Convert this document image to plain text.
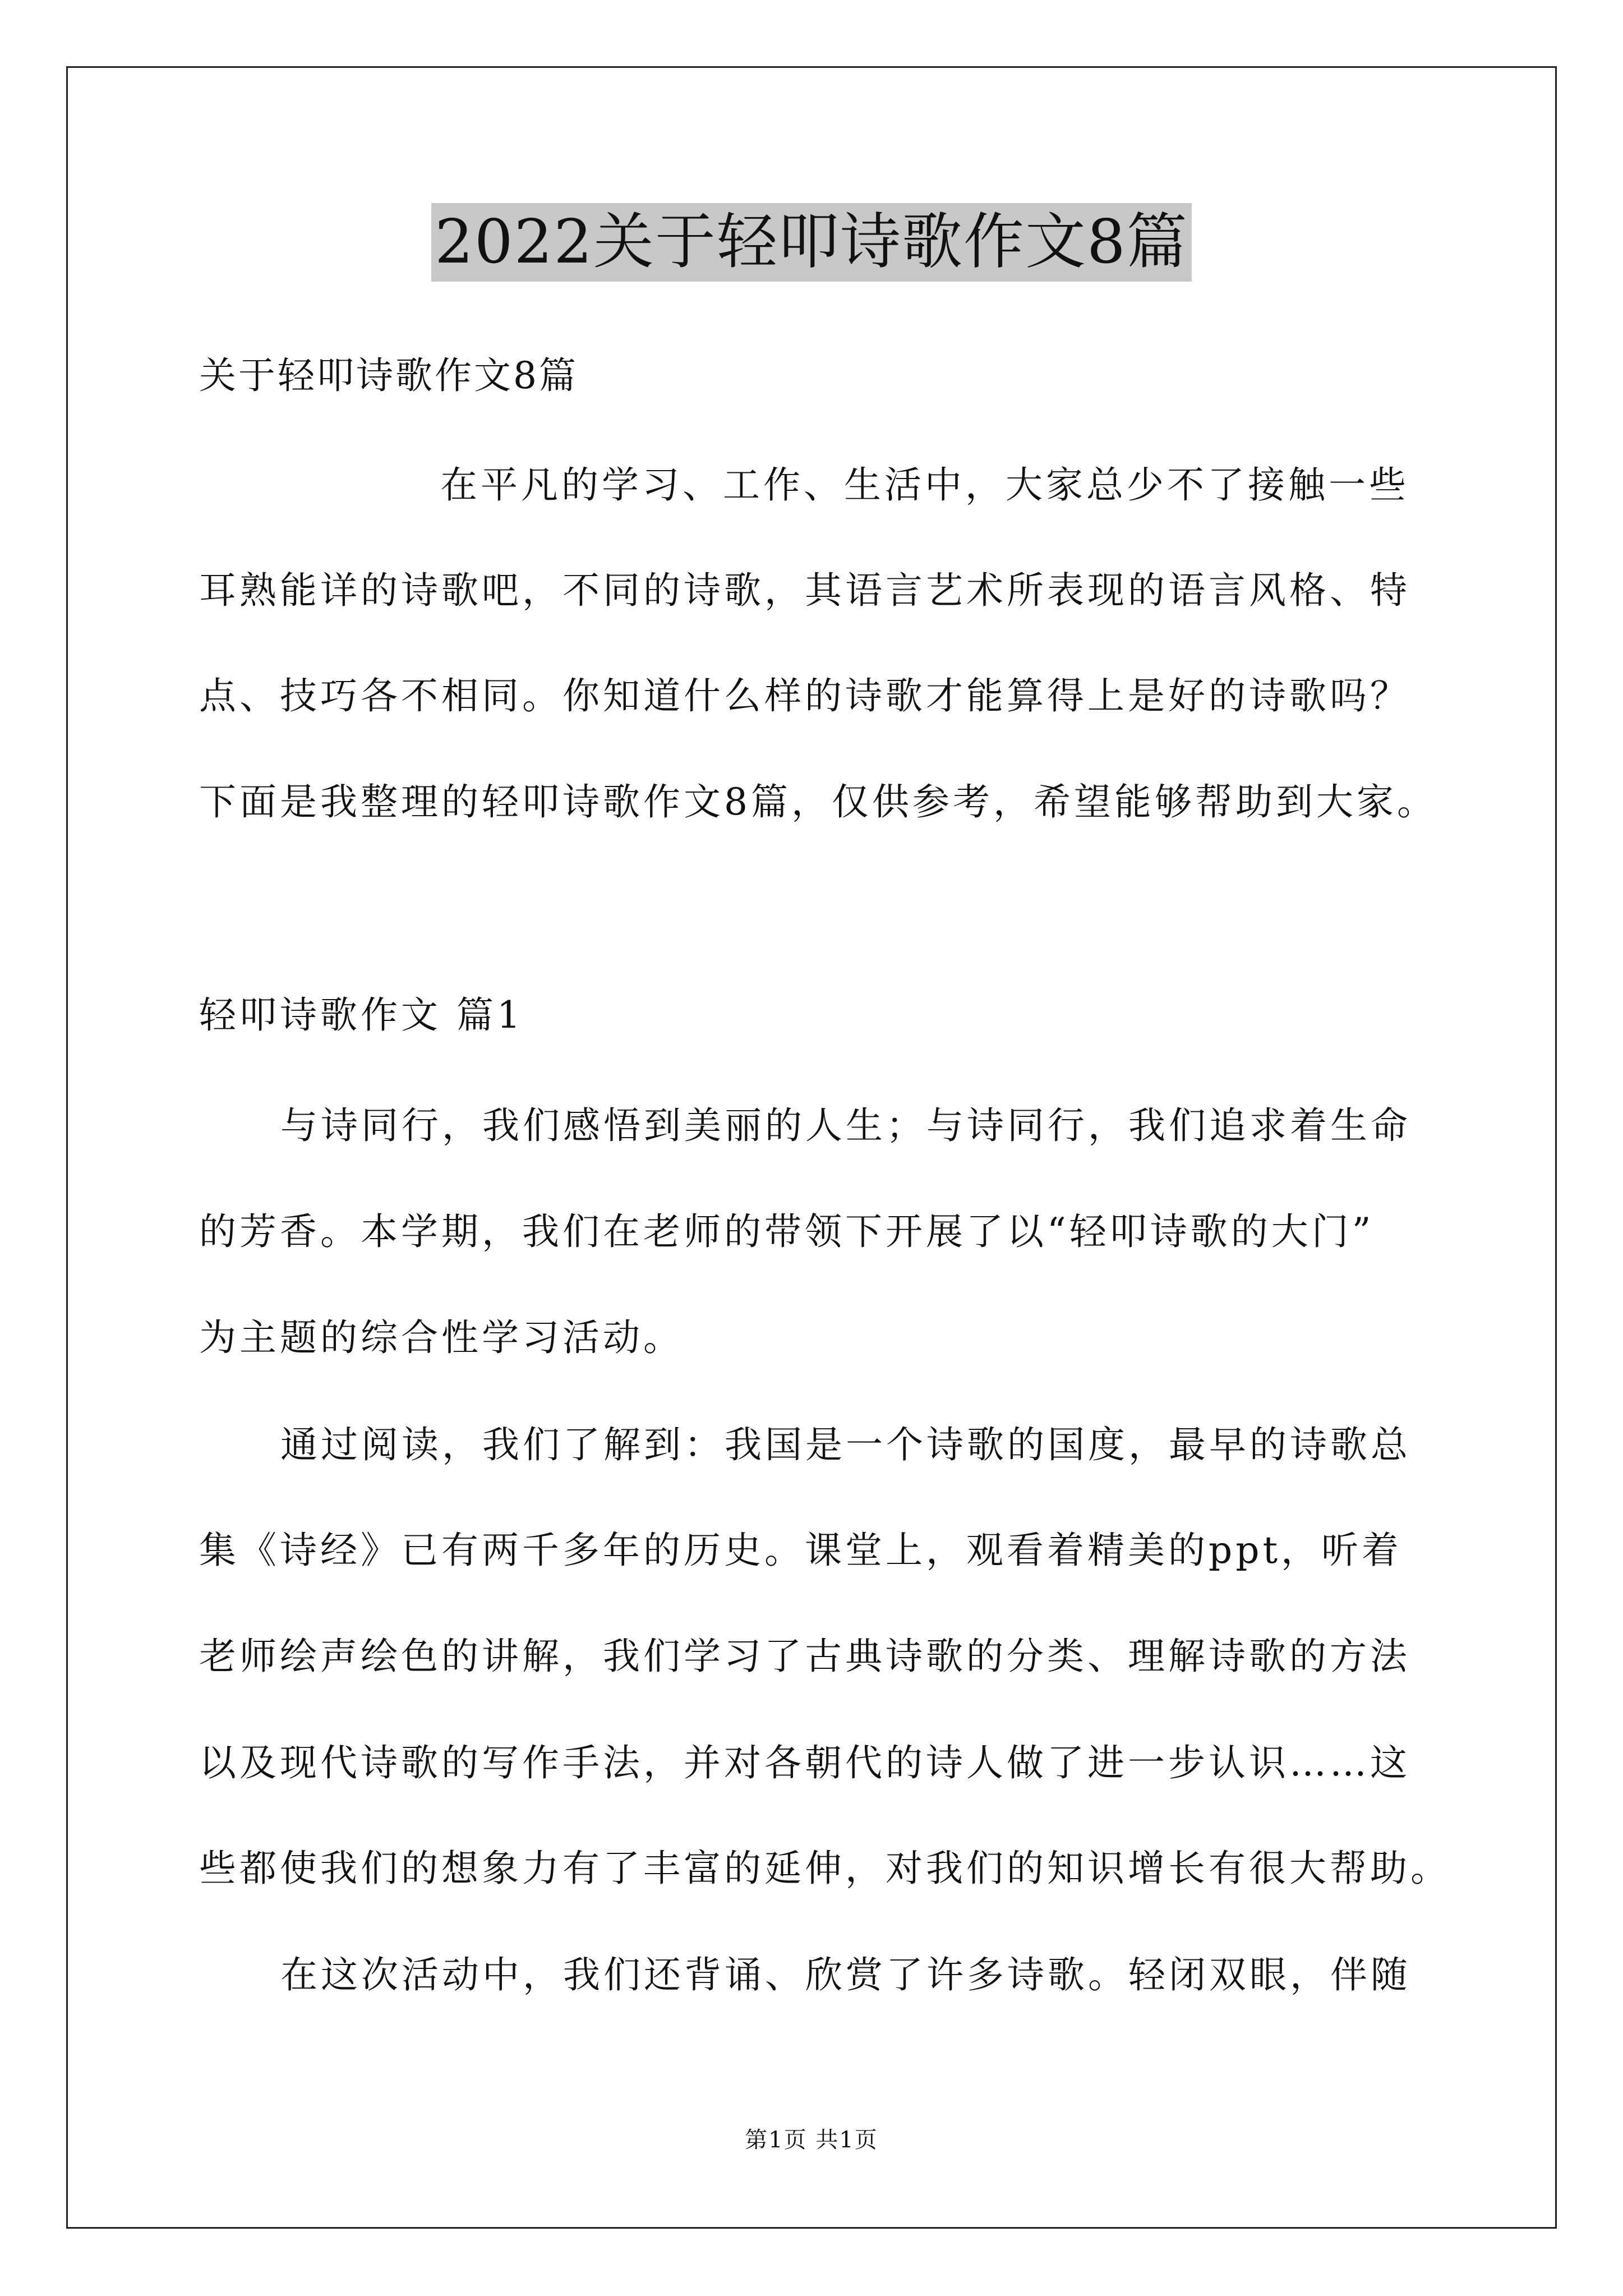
2022关于轻叩诗歌作文8篇
关于轻叩诗歌作文8篇
在平凡的学习、工作、生活中，大家总少不了接触一些
耳熟能详的诗歌吧，不同的诗歌，其语言艺术所表现的语言风格、特
点、技巧各不相同。你知道什么样的诗歌才能算得上是好的诗歌吗？
下面是我整理的轻叩诗歌作文8篇，仅供参考，希望能够帮助到大家。
轻叩诗歌作文 篇1
与诗同行，我们感悟到美丽的人生；与诗同行，我们追求着生命
的芳香。本学期，我们在老师的带领下开展了以“轻叩诗歌的大门”
为主题的综合性学习活动。
通过阅读，我们了解到：我国是一个诗歌的国度，最早的诗歌总
集《诗经》已有两千多年的历史。课堂上，观看着精美的ppt，听着
老师绘声绘色的讲解，我们学习了古典诗歌的分类、理解诗歌的方法
以及现代诗歌的写作手法，并对各朝代的诗人做了进一步认识……这
些都使我们的想象力有了丰富的延伸，对我们的知识增长有很大帮助。
在这次活动中，我们还背诵、欣赏了许多诗歌。轻闭双眼，伴随
第1页 共1页
